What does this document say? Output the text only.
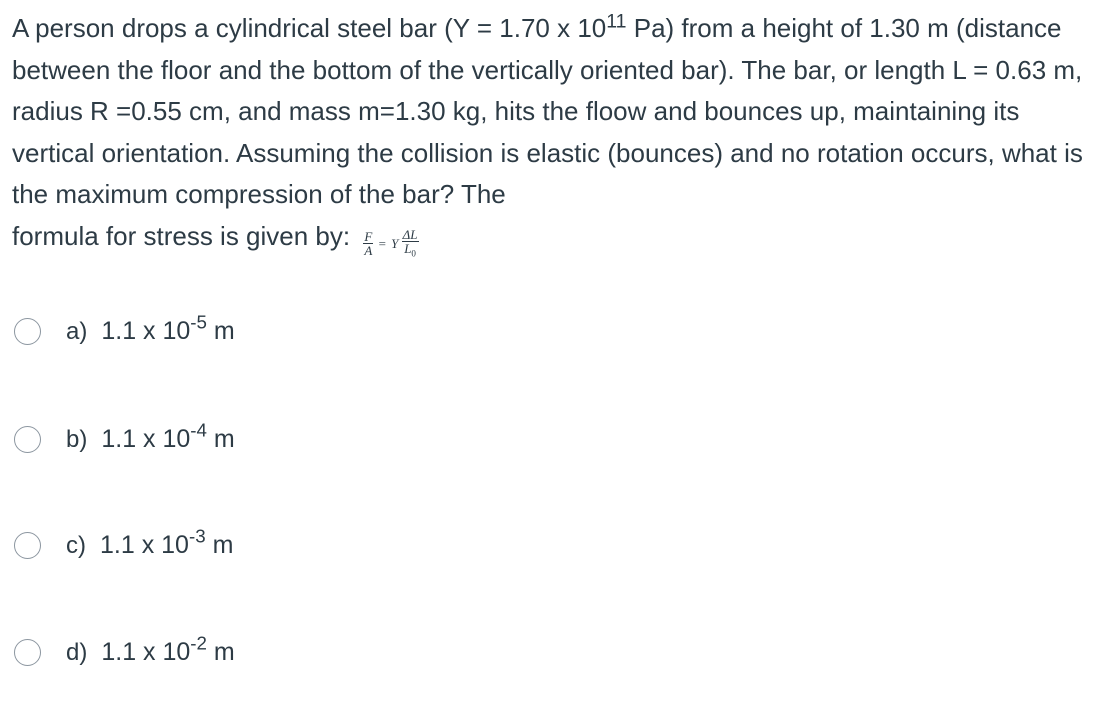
A person drops a cylindrical steel bar (Y = 1.70 x $10^{11}$ Pa) from a height of 1.30 m (distance between the floor and the bottom of the vertically oriented bar). The bar, or length L = 0.63 m, radius R =0.55 cm, and mass m=1.30 kg, hits the floow and bounces up, maintaining its vertical orientation. Assuming the collision is elastic (bounces) and no rotation occurs, what is the maximum compression of the bar? The

formula for stress is given by: $\frac{F}{A} = Y \frac{\Delta L}{L_0}$

a) 1.1 x $10^{-5}$ m
b) 1.1 x $10^{-4}$ m
c) 1.1 x $10^{-3}$ m
d) 1.1 x $10^{-2}$ m
